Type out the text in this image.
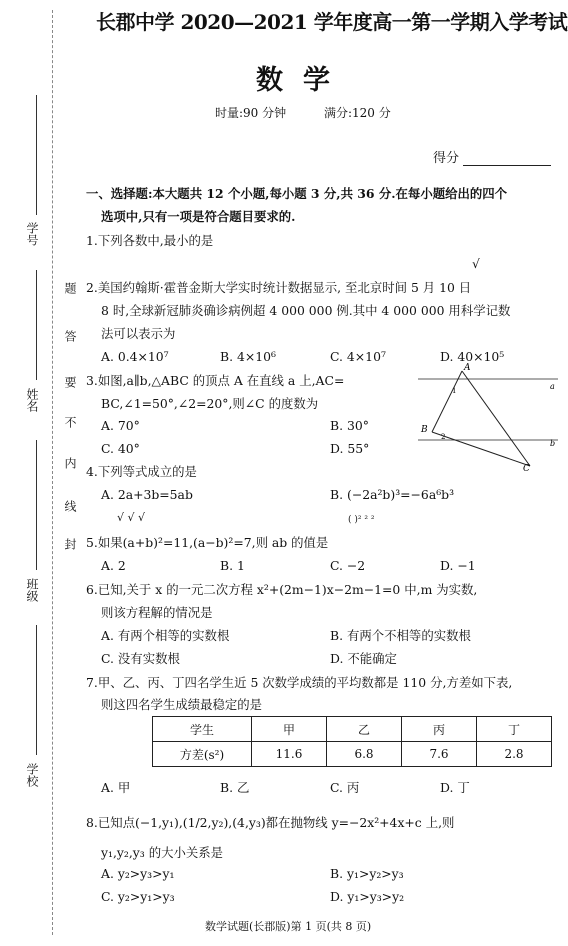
学号
姓名
班级
学校
题
答
要
不
内
线
封
长郡中学 2020—2021 学年度高一第一学期入学考试
数学
时量:90 分钟	满分:120 分
得分
一、选择题:本大题共 12 个小题,每小题 3 分,共 36 分.在每小题给出的四个
选项中,只有一项是符合题目要求的.
1.下列各数中,最小的是
√
2.美国约翰斯·霍普金斯大学实时统计数据显示, 至北京时间 5 月 10 日
8 时,全球新冠肺炎确诊病例超 4 000 000 例.其中 4 000 000 用科学记数
法可以表示为
A. 0.4×10⁷	B. 4×10⁶	C. 4×10⁷	D. 40×10⁵
3.如图,a∥b,△ABC 的顶点 A 在直线 a 上,AC=
BC,∠1=50°,∠2=20°,则∠C 的度数为
A. 70°	B. 30°
C. 40°	D. 55°
A
B
C
a
b
1
2
4.下列等式成立的是
A. 2a+3b=5ab	B. (−2a²b)³=−6a⁶b³
√ √ √	( )² ² ²
5.如果(a+b)²=11,(a−b)²=7,则 ab 的值是
A. 2	B. 1	C. −2	D. −1
6.已知,关于 x 的一元二次方程 x²+(2m−1)x−2m−1=0 中,m 为实数,
则该方程解的情况是
A. 有两个相等的实数根	B. 有两个不相等的实数根
C. 没有实数根	D. 不能确定
7.甲、乙、丙、丁四名学生近 5 次数学成绩的平均数都是 110 分,方差如下表,
则这四名学生成绩最稳定的是
学生	甲	乙	丙	丁
方差(s²)	11.6	6.8	7.6	2.8
A. 甲	B. 乙	C. 丙	D. 丁
8.已知点(−1,y₁),(1/2,y₂),(4,y₃)都在抛物线 y=−2x²+4x+c 上,则
y₁,y₂,y₃ 的大小关系是
A. y₂>y₃>y₁	B. y₁>y₂>y₃
C. y₂>y₁>y₃	D. y₁>y₃>y₂
数学试题(长郡版)第 1 页(共 8 页)
